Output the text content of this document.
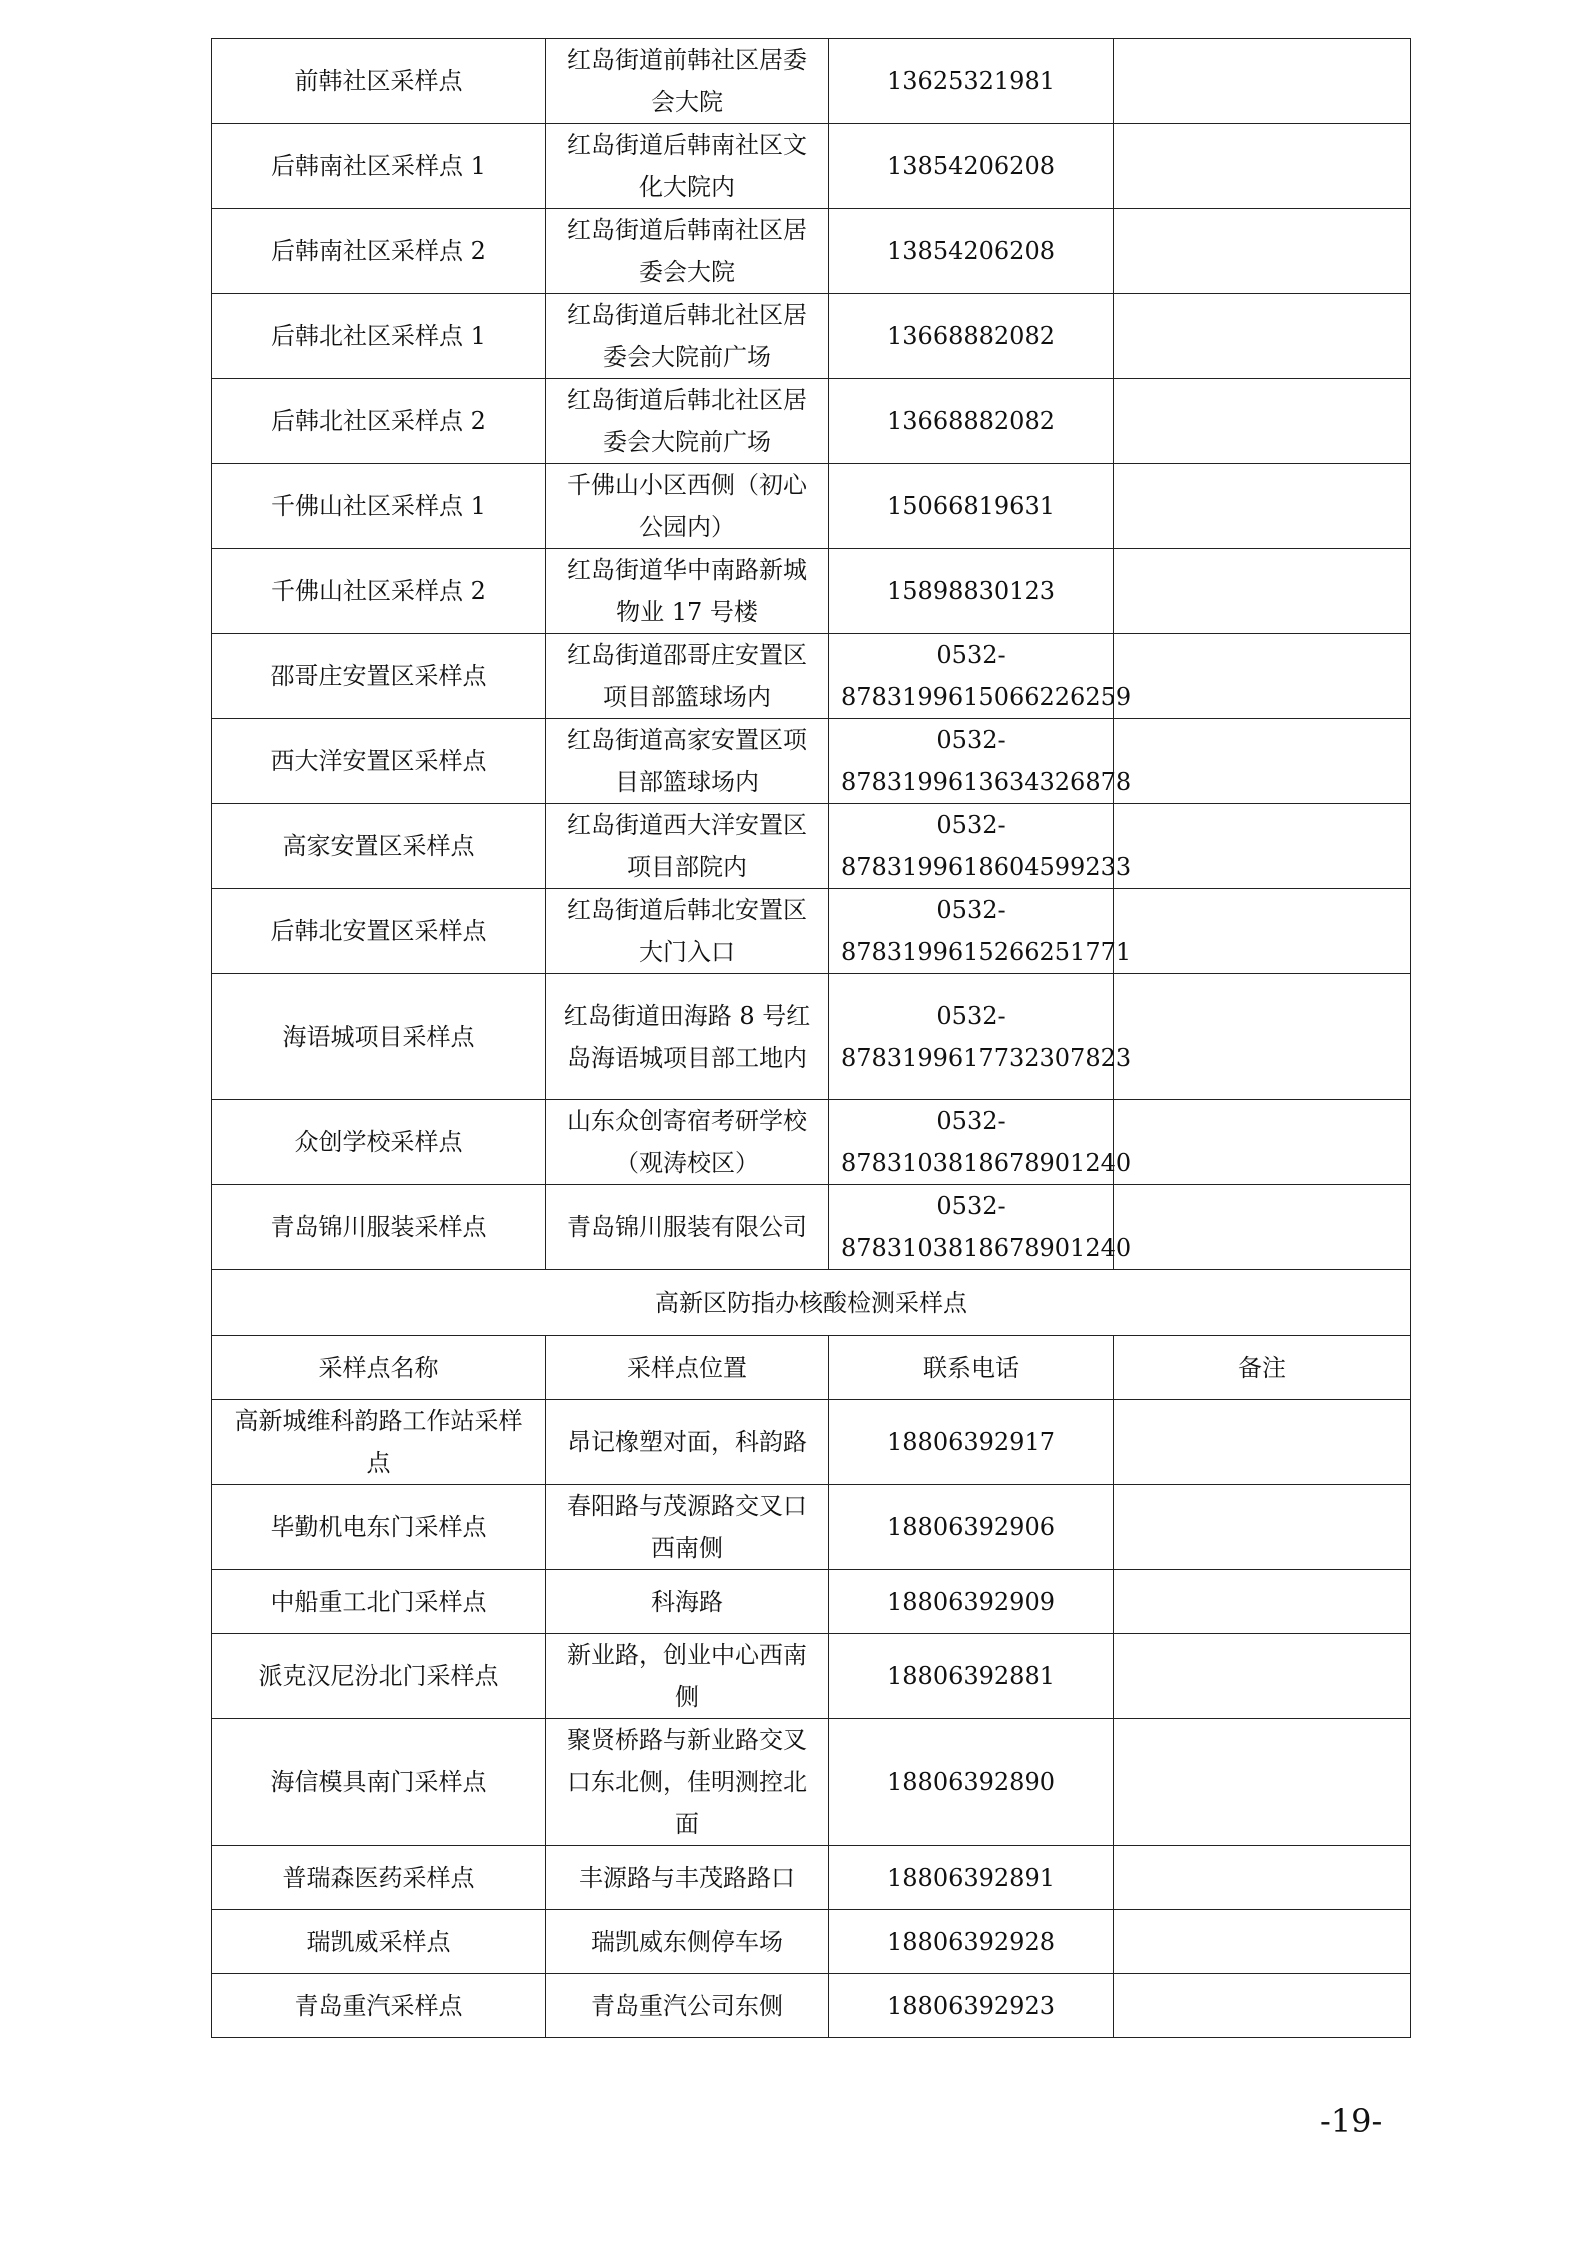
前韩社区采样点	红岛街道前韩社区居委会大院	13625321981	
后韩南社区采样点 1	红岛街道后韩南社区文化大院内	13854206208	
后韩南社区采样点 2	红岛街道后韩南社区居委会大院	13854206208	
后韩北社区采样点 1	红岛街道后韩北社区居委会大院前广场	13668882082	
后韩北社区采样点 2	红岛街道后韩北社区居委会大院前广场	13668882082	
千佛山社区采样点 1	千佛山小区西侧（初心公园内）	15066819631	
千佛山社区采样点 2	红岛街道华中南路新城物业 17 号楼	15898830123	
邵哥庄安置区采样点	红岛街道邵哥庄安置区项目部篮球场内	0532-8783199615066226259	
西大洋安置区采样点	红岛街道高家安置区项目部篮球场内	0532-8783199613634326878	
高家安置区采样点	红岛街道西大洋安置区项目部院内	0532-8783199618604599233	
后韩北安置区采样点	红岛街道后韩北安置区大门入口	0532-8783199615266251771	
海语城项目采样点	红岛街道田海路 8 号红岛海语城项目部工地内	0532-8783199617732307823	
众创学校采样点	山东众创寄宿考研学校（观涛校区）	0532-8783103818678901240	
青岛锦川服装采样点	青岛锦川服装有限公司	0532-8783103818678901240	
高新区防指办核酸检测采样点			
采样点名称	采样点位置	联系电话	备注
高新城维科韵路工作站采样点	昂记橡塑对面，科韵路	18806392917	
毕勤机电东门采样点	春阳路与茂源路交叉口西南侧	18806392906	
中船重工北门采样点	科海路	18806392909	
派克汉尼汾北门采样点	新业路，创业中心西南侧	18806392881	
海信模具南门采样点	聚贤桥路与新业路交叉口东北侧，佳明测控北面	18806392890	
普瑞森医药采样点	丰源路与丰茂路路口	18806392891	
瑞凯威采样点	瑞凯威东侧停车场	18806392928	
青岛重汽采样点	青岛重汽公司东侧	18806392923	
-19-
